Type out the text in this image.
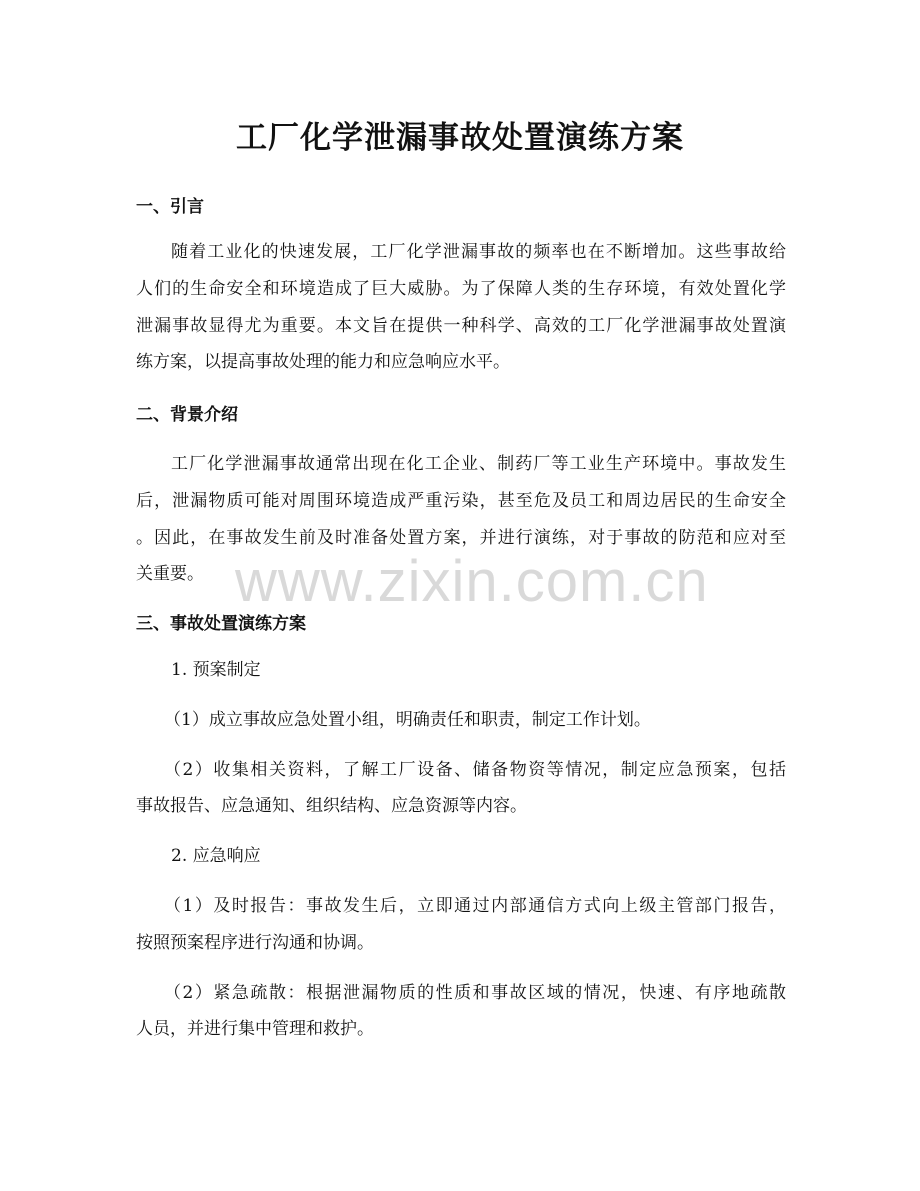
www.zixin.com.cn
工厂化学泄漏事故处置演练方案
一、引言
随着工业化的快速发展，工厂化学泄漏事故的频率也在不断增加。这些事故给
人们的生命安全和环境造成了巨大威胁。为了保障人类的生存环境，有效处置化学
泄漏事故显得尤为重要。本文旨在提供一种科学、高效的工厂化学泄漏事故处置演
练方案，以提高事故处理的能力和应急响应水平。
二、背景介绍
工厂化学泄漏事故通常出现在化工企业、制药厂等工业生产环境中。事故发生
后，泄漏物质可能对周围环境造成严重污染，甚至危及员工和周边居民的生命安全
。因此，在事故发生前及时准备处置方案，并进行演练，对于事故的防范和应对至
关重要。
三、事故处置演练方案
1. 预案制定
（1）成立事故应急处置小组，明确责任和职责，制定工作计划。
（2）收集相关资料，了解工厂设备、储备物资等情况，制定应急预案，包括
事故报告、应急通知、组织结构、应急资源等内容。
2. 应急响应
（1）及时报告：事故发生后，立即通过内部通信方式向上级主管部门报告，
按照预案程序进行沟通和协调。
（2）紧急疏散：根据泄漏物质的性质和事故区域的情况，快速、有序地疏散
人员，并进行集中管理和救护。
